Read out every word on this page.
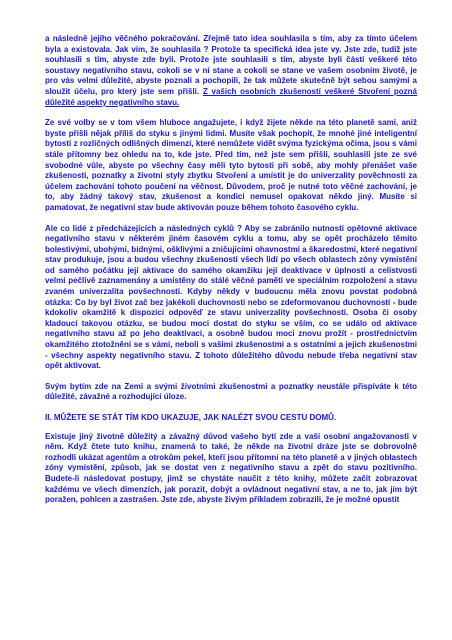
a následně jejího věčného pokračování. Zřejmě tato idea souhlasila s tím, aby za tímto účelem byla a existovala. Jak vím, že souhlasila ? Protože ta specifická idea jste vy. Jste zde, tudíž jste souhlasili s tím, abyste zde byli. Protože jste souhlasili s tím, abyste byli částí veškeré této soustavy negativního stavu, cokoli se v ní stane a cokoli se stane ve vašem osobním životě, je pro vás velmi důležité, abyste poznali a pochopili, že tak můžete skutečně být sebou samými a sloužit účelu, pro který jste sem přišli. Z vašich osobních zkušeností veškeré Stvoření pozná důležité aspekty negativního stavu.

Ze své volby se v tom všem hluboce angažujete, i když žijete někde na této planetě sami, aniž byste přišli nějak příliš do styku s jinými lidmi. Musíte však pochopit, že mnohé jiné inteligentní bytosti z rozličných odlišných dimenzí, které nemůžete vidět svýma fyzickýma očima, jsou s vámi stále přítomny bez ohledu na to, kde jste. Před tím, než jste sem přišli, souhlasili jste ze své svobodné vůle, abyste po všechny časy měli tyto bytosti při sobě, aby mohly přenášet vaše zkušenosti, poznatky a životní styly zbytku Stvoření a umístit je do univerzality pověchnosti za účelem zachování tohoto poučení na věčnost. Důvodem, proč je nutné toto věčné zachování, je to, aby žádný takový stav, zkušenost a kondici nemusel opakovat někdo jiný. Musíte si pamatovat, že negativní stav bude aktivován pouze během tohoto časového cyklu.

Ale co lidé z předcházejících a následných cyklů ? Aby se zabránilo nutnosti opětovné aktivace negativního stavu v některém jiném časovém cyklu a tomu, aby se opět procházelo těmito bolestivými, ubohými, bídnými, ošklivými a zničujícími ohavnostmi a škaredostmi, které negativní stav produkuje, jsou a budou všechny zkušenosti všech lidí po všech oblastech zóny vymístění od samého počátku její aktivace do samého okamžiku její deaktivace v úplnosti a celistvosti velmi pečlivě zaznamenány a umístěny do stálé věčné paměti ve speciálním rozpoložení a stavu zvaném univerzalita povšechnosti. Kdyby někdy v budoucnu měla znovu povstat podobná otázka: Co by byl život zač bez jakékoli duchovnosti nebo se zdeformovanou duchovností - bude kdokoliv okamžitě k dispozici odpověď ze stavu univerzality povšechnosti. Osoba či osoby kladoucí takovou otázku, se budou moci dostat do styku se vším, co se událo od aktivace negativního stavu až po jeho deaktivaci, a osobně budou moci znovu prožít - prostřednictvím okamžitého ztotožnění se s vámi, neboli s vašimi zkušenostmi a s ostatními a jejich zkušenostmi - všechny aspekty negativního stavu. Z tohoto důležitého důvodu nebude třeba negativní stav opět aktivovat.

Svým bytím zde na Zemi a svými životními zkušenostmi a poznatky neustále přispíváte k této důležité, závažné a rozhodující úloze.

II. MŮŽETE SE STÁT TÍM KDO UKAZUJE, JAK NALÉZT SVOU CESTU DOMŮ.

Existuje jiný životně důležitý a závažný důvod vašeho bytí zde a vaší osobní angažovanosti v něm. Když čtete tuto knihu, znamená to také, že někde na životní dráze jste se dobrovolně rozhodli ukázat agentům a otrokům pekel, kteří jsou přítomni na této planetě a v jiných oblastech zóny vymístění, způsob, jak se dostat ven z negativního stavu a zpět do stavu pozitivního. Budete-li následovat postupy, jimž se chystáte naučit z této knihy, můžete začít zobrazovat každému ve všech dimenzích, jak porazit, dobýt a ovládnout negativní stav, a ne to, jak jím být poražen, pohlcen a zastrašen. Jste zde, abyste živým příkladem zobrazili, že je možné opustit
